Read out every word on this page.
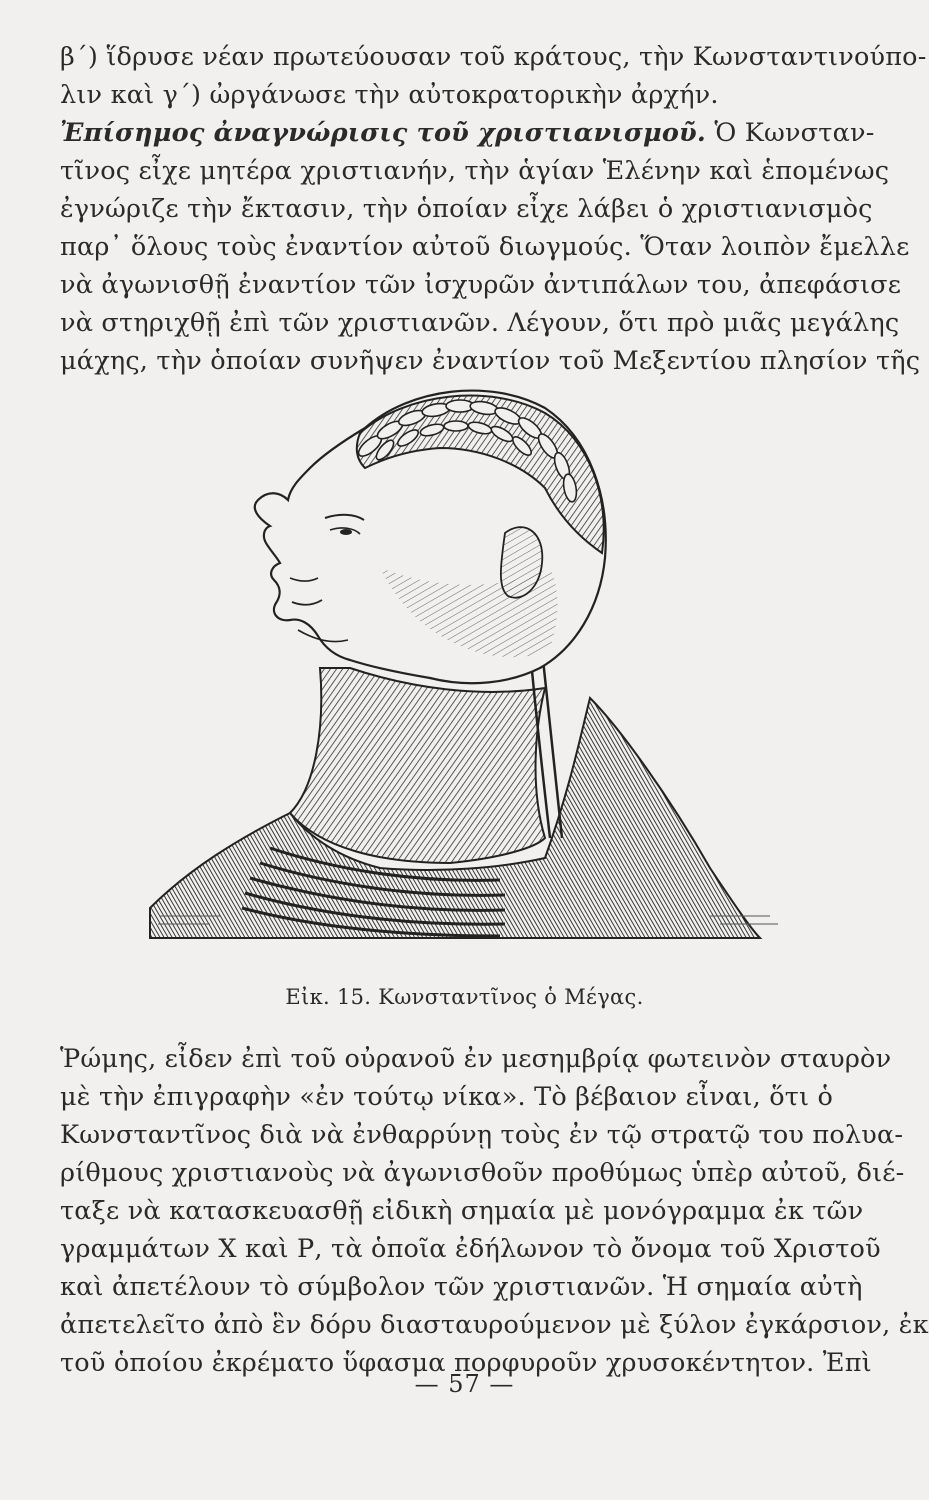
β΄) ἵδρυσε νέαν πρωτεύουσαν τοῦ κράτους, τὴν Κωνσταντινούπο-
λιν καὶ γ΄) ὠργάνωσε τὴν αὐτοκρατορικὴν ἀρχήν.
Ἐπίσημος ἀναγνώρισις τοῦ χριστιανισμοῦ. Ὁ Κωνσταν-
τῖνος εἶχε μητέρα χριστιανήν, τὴν ἁγίαν Ἑλένην καὶ ἑπομένως
ἐγνώριζε τὴν ἔκτασιν, τὴν ὁποίαν εἶχε λάβει ὁ χριστιανισμὸς
παρ᾽ ὅλους τοὺς ἐναντίον αὐτοῦ διωγμούς. Ὅταν λοιπὸν ἔμελλε
νὰ ἀγωνισθῇ ἐναντίον τῶν ἰσχυρῶν ἀντιπάλων του, ἀπεφάσισε
νὰ στηριχθῇ ἐπὶ τῶν χριστιανῶν. Λέγουν, ὅτι πρὸ μιᾶς μεγάλης
μάχης, τὴν ὁποίαν συνῆψεν ἐναντίον τοῦ Μεξεντίου πλησίον τῆς
Εἰκ. 15. Κωνσταντῖνος ὁ Μέγας.
Ῥώμης, εἶδεν ἐπὶ τοῦ οὐρανοῦ ἐν μεσημβρίᾳ φωτεινὸν σταυρὸν
μὲ τὴν ἐπιγραφὴν «ἐν τούτῳ νίκα». Τὸ βέβαιον εἶναι, ὅτι ὁ
Κωνσταντῖνος διὰ νὰ ἐνθαρρύνῃ τοὺς ἐν τῷ στρατῷ του πολυα-
ρίθμους χριστιανοὺς νὰ ἀγωνισθοῦν προθύμως ὑπὲρ αὐτοῦ, διέ-
ταξε νὰ κατασκευασθῇ εἰδικὴ σημαία μὲ μονόγραμμα ἐκ τῶν
γραμμάτων Χ καὶ Ρ, τὰ ὁποῖα ἐδήλωνον τὸ ὄνομα τοῦ Χριστοῦ
καὶ ἀπετέλουν τὸ σύμβολον τῶν χριστιανῶν. Ἡ σημαία αὐτὴ
ἀπετελεῖτο ἀπὸ ἓν δόρυ διασταυρούμενον μὲ ξύλον ἐγκάρσιον, ἐκ
τοῦ ὁποίου ἐκρέματο ὕφασμα πορφυροῦν χρυσοκέντητον. Ἐπὶ
— 57 —
